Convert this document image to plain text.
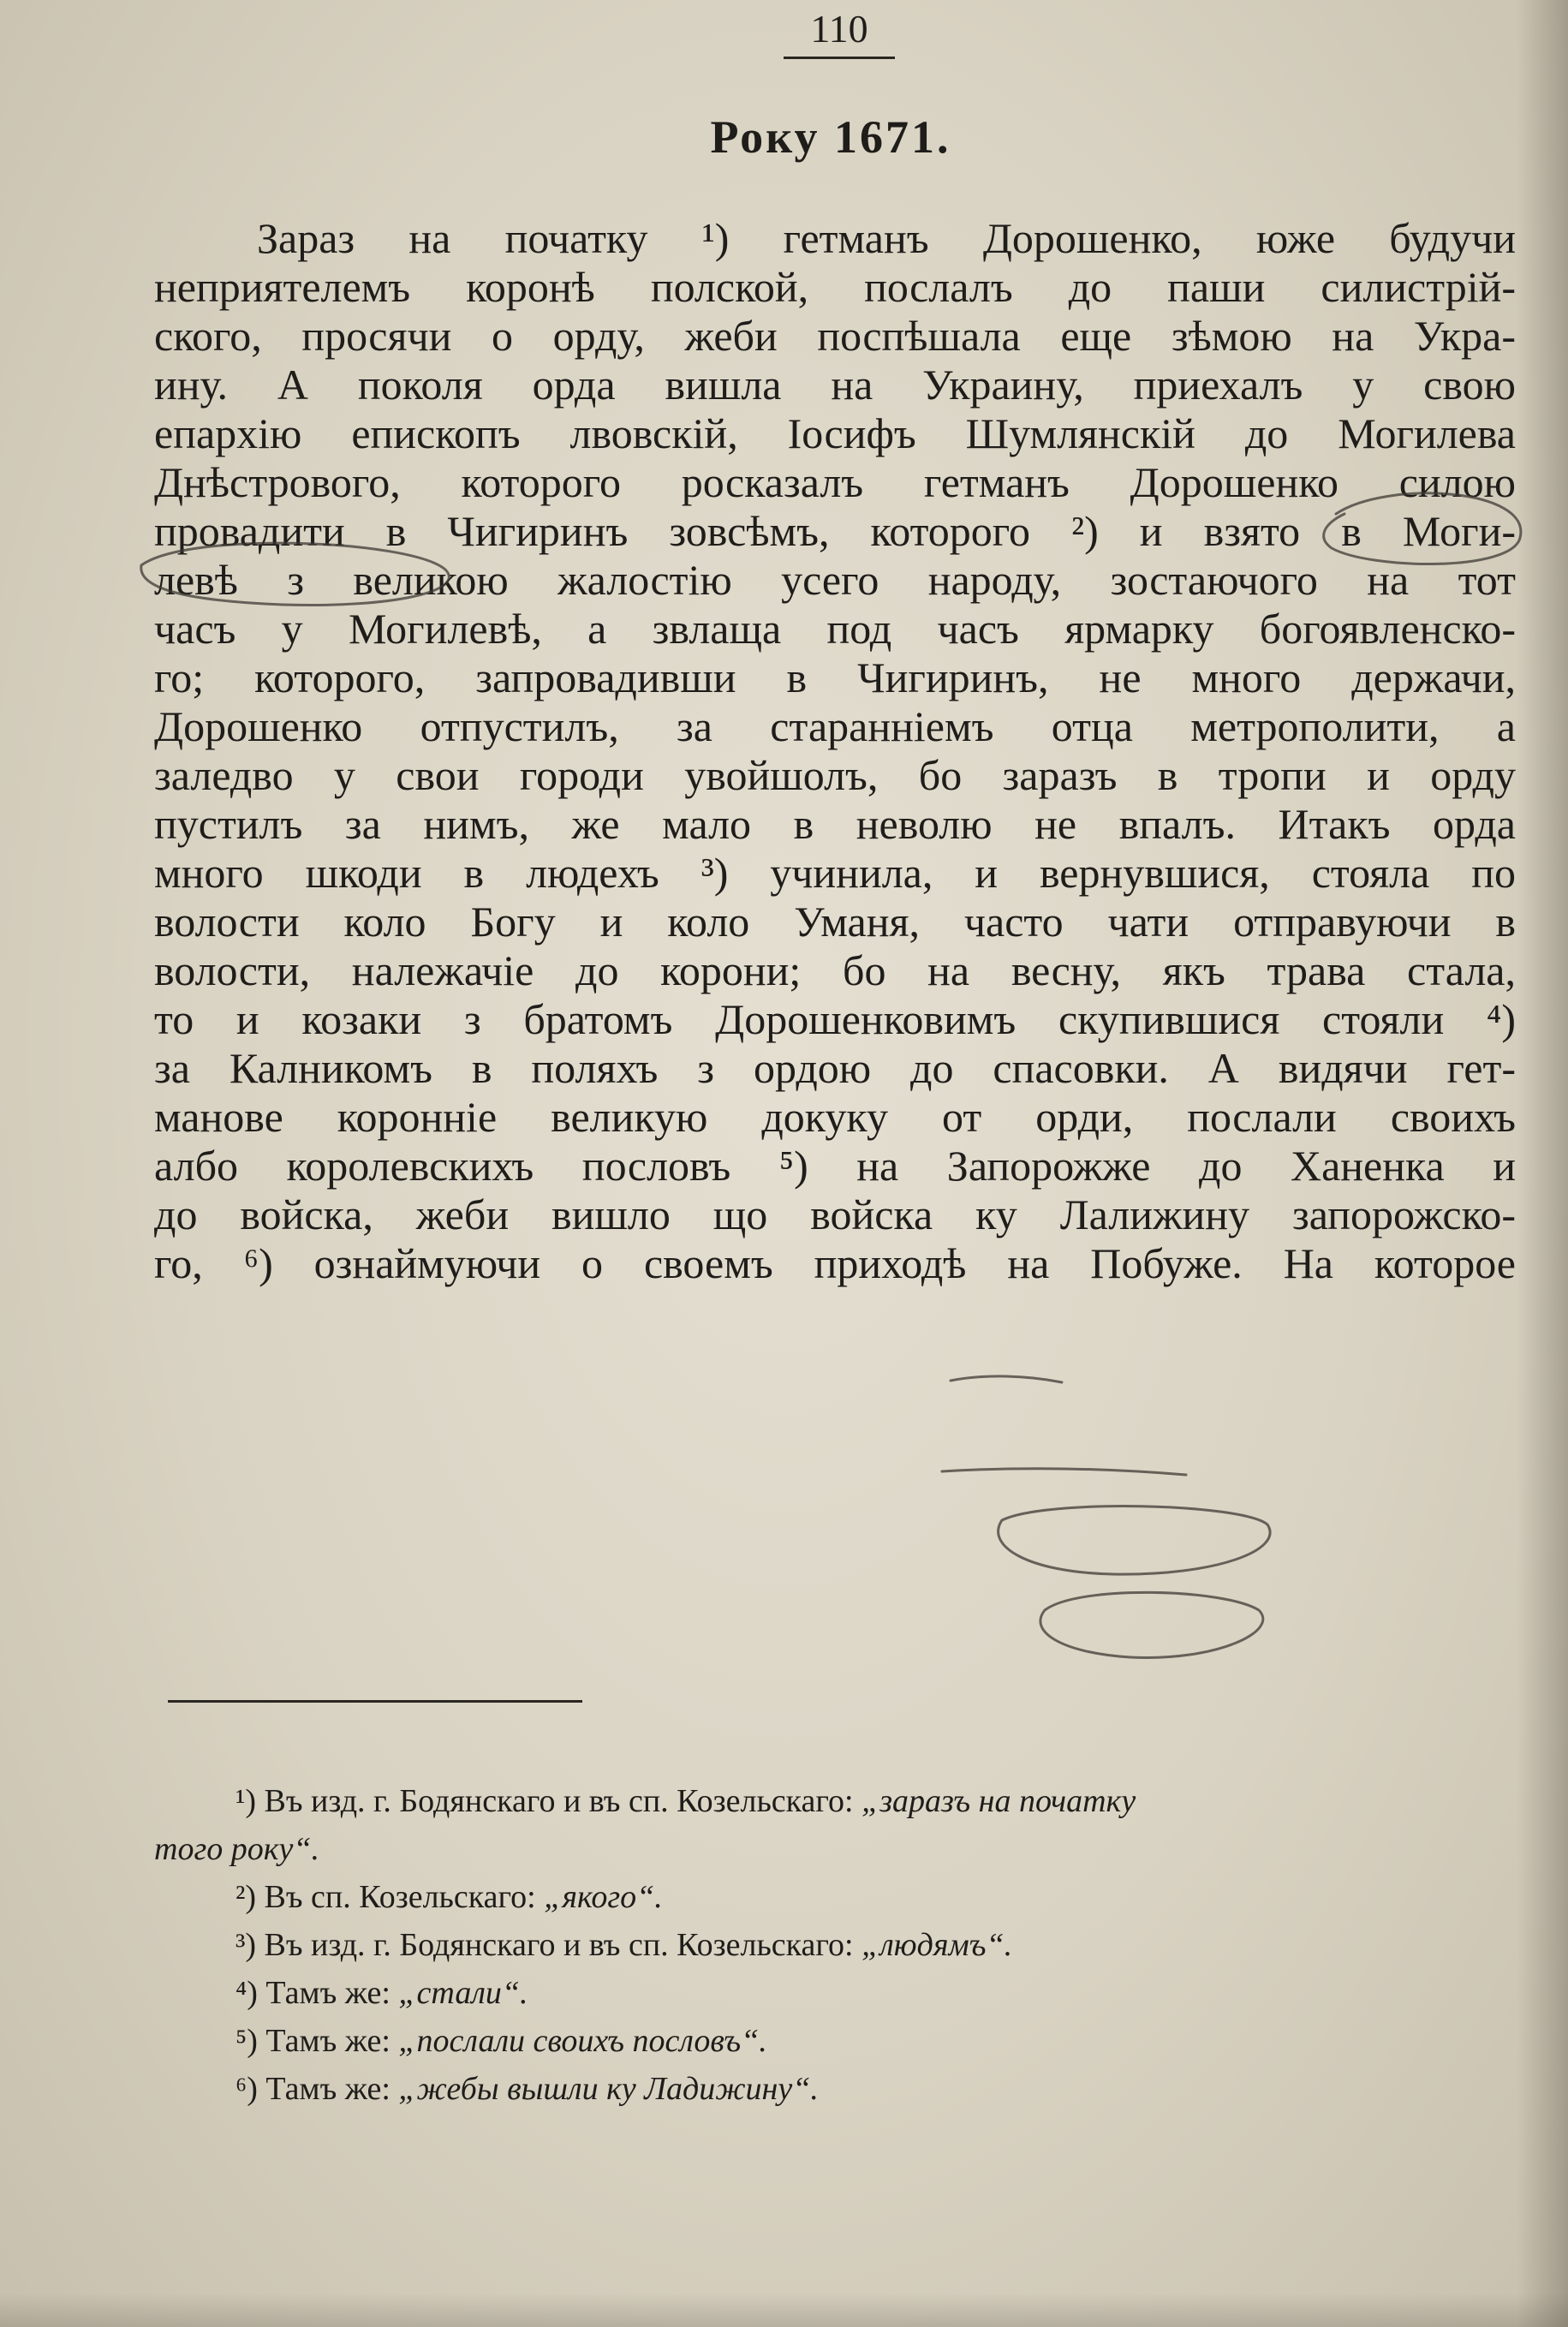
110
Року 1671.
Зараз на початку ¹) гетманъ Дорошенко, юже будучи
неприятелемъ коронѣ полской, послалъ до паши силистрій-
ского, просячи о орду, жеби поспѣшала еще зѣмою на Укра-
ину. А поколя орда вишла на Украину, приехалъ у свою
епархію епископъ лвовскій, Іосифъ Шумлянскій до Могилева
Днѣстрового, которого росказалъ гетманъ Дорошенко силою
провадити в Чигиринъ зовсѣмъ, которого ²) и взято в Моги-
левѣ з великою жалостію усего народу, зостаючого на тот
часъ у Могилевѣ, а звлаща под часъ ярмарку богоявленско-
го; которого, запровадивши в Чигиринъ, не много держачи,
Дорошенко отпустилъ, за старанніемъ отца метрополити, а
заледво у свои городи увойшолъ, бо заразъ в тропи и орду
пустилъ за нимъ, же мало в неволю не впалъ. Итакъ орда
много шкоди в людехъ ³) учинила, и вернувшися, стояла по
волости коло Богу и коло Уманя, часто чати отправуючи в
волости, належачіе до корони; бо на весну, якъ трава стала,
то и козаки з братомъ Дорошенковимъ скупившися стояли ⁴)
за Калникомъ в поляхъ з ордою до спасовки. А видячи гет-
манове коронніе великую докуку от орди, послали своихъ
албо королевскихъ пословъ ⁵) на Запорожже до Ханенка и
до войска, жеби вишло що войска ку Лалижину запорожско-
го, ⁶) ознаймуючи о своемъ приходѣ на Побуже. На которое
¹) Въ изд. г. Бодянскаго и въ сп. Козельскаго: „заразъ на початку
того року“.
²) Въ сп. Козельскаго: „якого“.
³) Въ изд. г. Бодянскаго и въ сп. Козельскаго: „людямъ“.
⁴) Тамъ же: „стали“.
⁵) Тамъ же: „послали своихъ пословъ“.
⁶) Тамъ же: „жебы вышли ку Ладижину“.
